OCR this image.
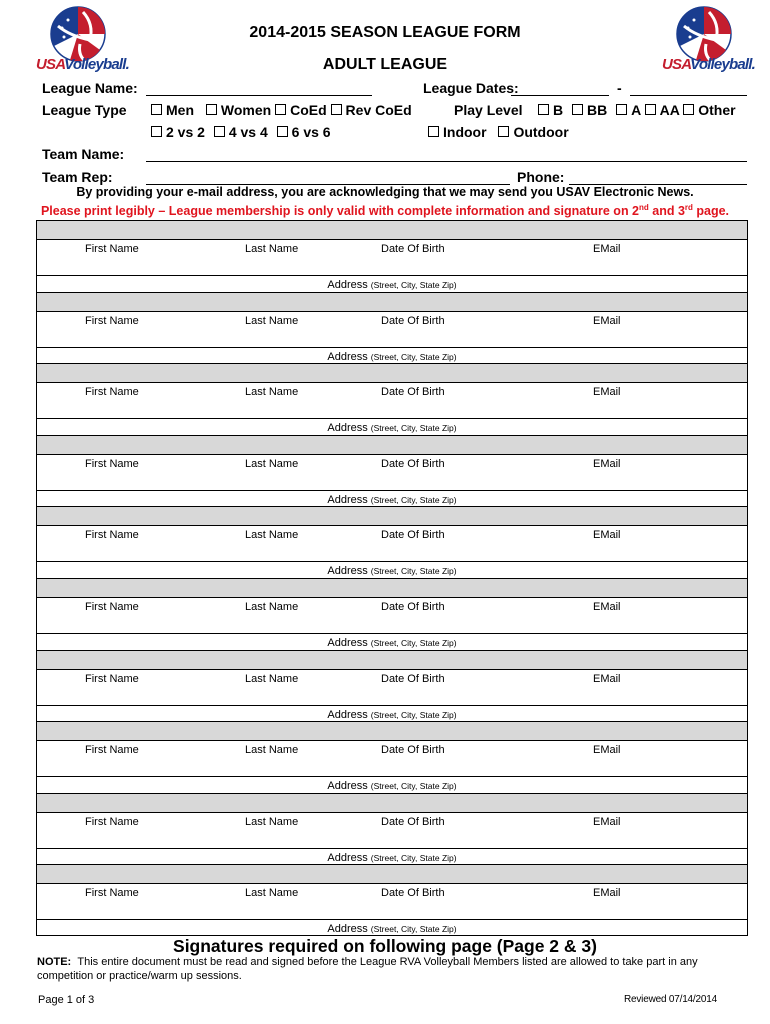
USAVolleyball.	USAVolleyball.
2014-2015 SEASON LEAGUE FORM
ADULT LEAGUE
League Name:	League Dates:	-
League Type	Men Women CoEd Rev CoEd	Play Level	B BB A AA Other
2 vs 2 4 vs 4 6 vs 6	Indoor Outdoor
Team Name:
Team Rep:	Phone:
By providing your e-mail address, you are acknowledging that we may send you USAV Electronic News.
Please print legibly – League membership is only valid with complete information and signature on 2nd and 3rd page.
First Name	Last Name	Date Of Birth	EMail
Address (Street, City, State Zip)
First Name	Last Name	Date Of Birth	EMail
Address (Street, City, State Zip)
First Name	Last Name	Date Of Birth	EMail
Address (Street, City, State Zip)
First Name	Last Name	Date Of Birth	EMail
Address (Street, City, State Zip)
First Name	Last Name	Date Of Birth	EMail
Address (Street, City, State Zip)
First Name	Last Name	Date Of Birth	EMail
Address (Street, City, State Zip)
First Name	Last Name	Date Of Birth	EMail
Address (Street, City, State Zip)
First Name	Last Name	Date Of Birth	EMail
Address (Street, City, State Zip)
First Name	Last Name	Date Of Birth	EMail
Address (Street, City, State Zip)
First Name	Last Name	Date Of Birth	EMail
Address (Street, City, State Zip)
Signatures required on following page (Page 2 & 3)
NOTE: This entire document must be read and signed before the League RVA Volleyball Members listed are allowed to take part in any competition or practice/warm up sessions.
Page 1 of 3	Reviewed 07/14/2014
